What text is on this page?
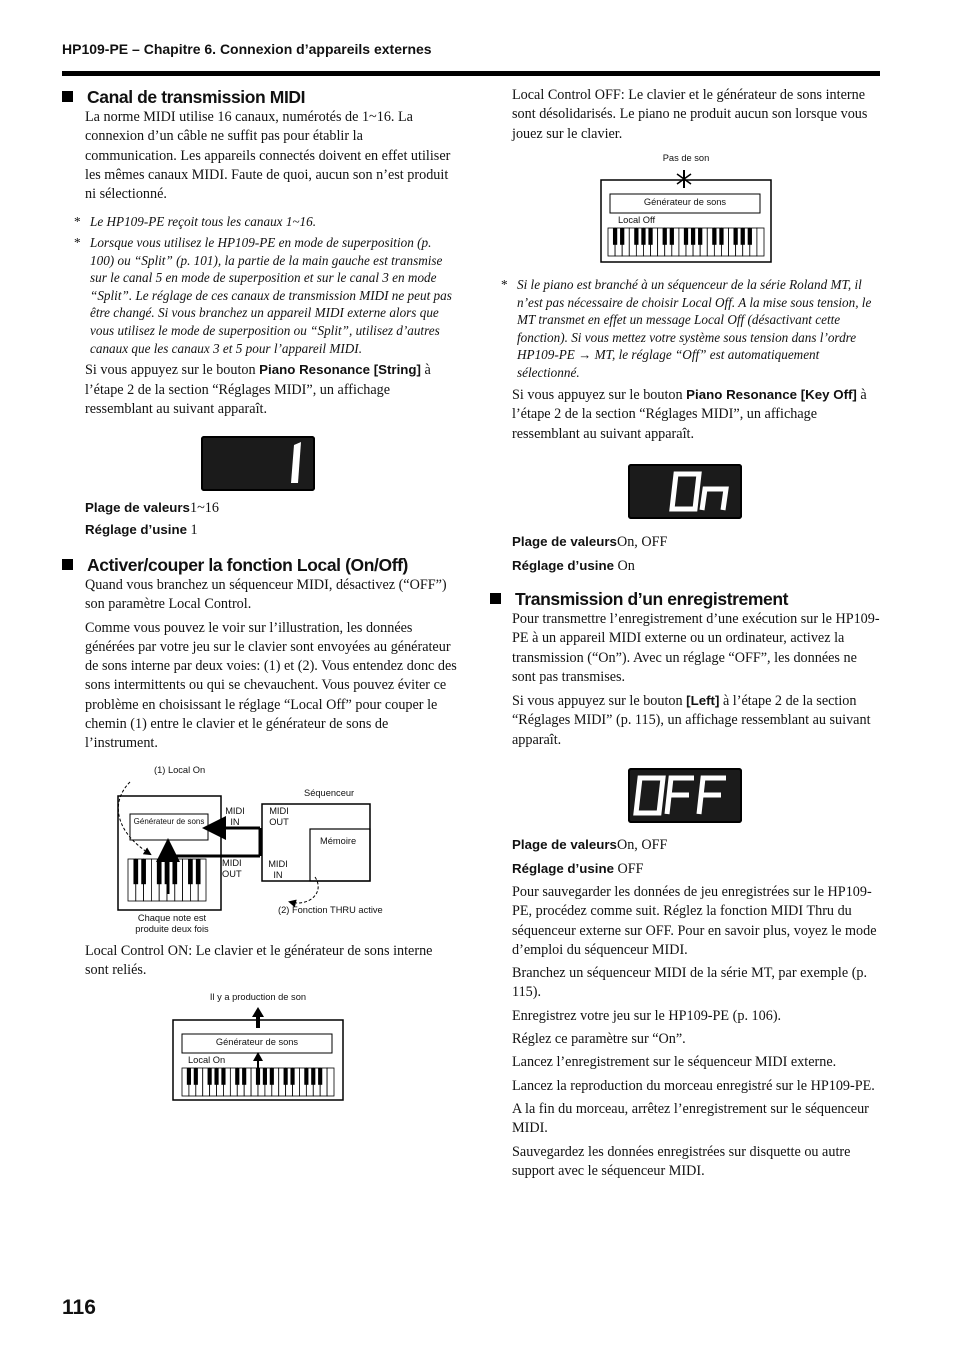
HP109-PE – Chapitre 6. Connexion d’appareils externes
Canal de transmission MIDI

La norme MIDI utilise 16 canaux, numérotés de 1~16. La connexion d’un câble ne suffit pas pour établir la communication. Les appareils connectés doivent en effet utiliser les mêmes canaux MIDI. Faute de quoi, aucun son n’est produit ni sélectionné.

* Le HP109-PE reçoit tous les canaux 1~16.

* Lorsque vous utilisez le HP109-PE en mode de superposition (p. 100) ou “Split” (p. 101), la partie de la main gauche est transmise sur le canal 5 en mode de superposition et sur le canal 3 en mode “Split”. Le réglage de ces canaux de transmission MIDI ne peut pas être changé. Si vous branchez un appareil MIDI externe alors que vous utilisez le mode de superposition ou “Split”, utilisez d’autres canaux que les canaux 3 et 5 pour l’appareil MIDI.

Si vous appuyez sur le bouton Piano Resonance [String] à l’étape 2 de la section “Réglages MIDI”, un affichage ressemblant au suivant apparaît.

Plage de valeurs1~16

Réglage d’usine 1

Activer/couper la fonction Local (On/Off)

Quand vous branchez un séquenceur MIDI, désactivez (“OFF”) son paramètre Local Control.

Comme vous pouvez le voir sur l’illustration, les données générées par votre jeu sur le clavier sont envoyées au générateur de sons interne par deux voies: (1) et (2). Vous entendez donc des sons intermittents ou qui se chevauchent. Vous pouvez éviter ce problème en choisissant le réglage “Local Off” pour couper le chemin (1) entre le clavier et le générateur de sons de l’instrument.

(1) Local On
Séquenceur
MIDI IN
MIDI OUT
Générateur de sons
Mémoire
MIDI OUT
MIDI IN
(2) Fonction THRU active
Chaque note est produite deux fois

Local Control ON: Le clavier et le générateur de sons interne sont reliés.

Il y a production de son
Générateur de sons
Local On

Local Control OFF: Le clavier et le générateur de sons interne sont désolidarisés. Le piano ne produit aucun son lorsque vous jouez sur le clavier.

Pas de son
Générateur de sons
Local Off

* Si le piano est branché à un séquenceur de la série Roland MT, il n’est pas nécessaire de choisir Local Off. A la mise sous tension, le MT transmet en effet un message Local Off (désactivant cette fonction). Si vous mettez votre système sous tension dans l’ordre HP109-PE → MT, le réglage “Off” est automatiquement sélectionné.

Si vous appuyez sur le bouton Piano Resonance [Key Off] à l’étape 2 de la section “Réglages MIDI”, un affichage ressemblant au suivant apparaît.

Plage de valeursOn, OFF

Réglage d’usine On

Transmission d’un enregistrement

Pour transmettre l’enregistrement d’une exécution sur le HP109-PE à un appareil MIDI externe ou un ordinateur, activez la transmission (“On”). Avec un réglage “OFF”, les données ne sont pas transmises.

Si vous appuyez sur le bouton [Left] à l’étape 2 de la section “Réglages MIDI” (p. 115), un affichage ressemblant au suivant apparaît.

Plage de valeursOn, OFF

Réglage d’usine OFF

Pour sauvegarder les données de jeu enregistrées sur le HP109-PE, procédez comme suit. Réglez la fonction MIDI Thru du séquenceur externe sur OFF. Pour en savoir plus, voyez le mode d’emploi du séquenceur MIDI.

Branchez un séquenceur MIDI de la série MT, par exemple (p. 115).

Enregistrez votre jeu sur le HP109-PE (p. 106).

Réglez ce paramètre sur “On”.

Lancez l’enregistrement sur le séquenceur MIDI externe.

Lancez la reproduction du morceau enregistré sur le HP109-PE.

A la fin du morceau, arrêtez l’enregistrement sur le séquenceur MIDI.

Sauvegardez les données enregistrées sur disquette ou autre support avec le séquenceur MIDI.

116
